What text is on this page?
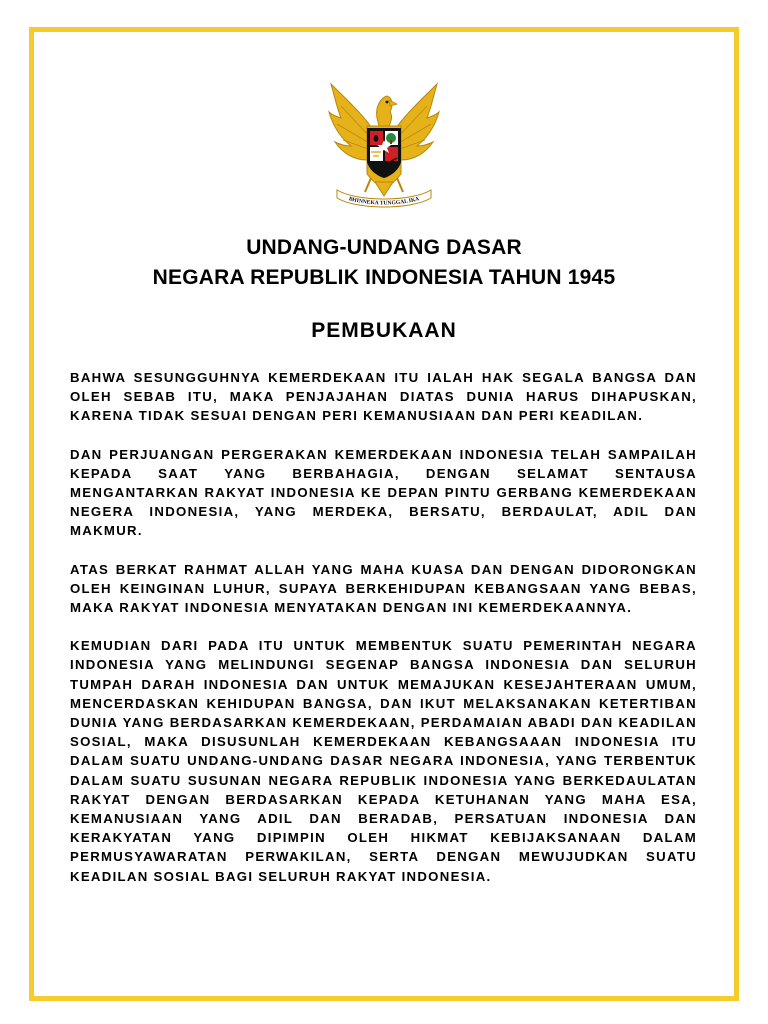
BHINNEKA TUNGGAL IKA
UNDANG-UNDANG DASAR
NEGARA REPUBLIK INDONESIA TAHUN 1945
PEMBUKAAN

BAHWA SESUNGGUHNYA KEMERDEKAAN ITU IALAH HAK SEGALA BANGSA DAN OLEH SEBAB ITU, MAKA PENJAJAHAN DIATAS DUNIA HARUS DIHAPUSKAN, KARENA TIDAK SESUAI DENGAN PERI KEMANUSIAAN DAN PERI KEADILAN.

DAN PERJUANGAN PERGERAKAN KEMERDEKAAN INDONESIA TELAH SAMPAILAH KEPADA SAAT YANG BERBAHAGIA, DENGAN SELAMAT SENTAUSA MENGANTARKAN RAKYAT INDONESIA KE DEPAN PINTU GERBANG KEMERDEKAAN NEGERA INDONESIA, YANG MERDEKA, BERSATU, BERDAULAT, ADIL DAN MAKMUR.

ATAS BERKAT RAHMAT ALLAH YANG MAHA KUASA DAN DENGAN DIDORONGKAN OLEH KEINGINAN LUHUR, SUPAYA BERKEHIDUPAN KEBANGSAAN YANG BEBAS, MAKA RAKYAT INDONESIA MENYATAKAN DENGAN INI KEMERDEKAANNYA.

KEMUDIAN DARI PADA ITU UNTUK MEMBENTUK SUATU PEMERINTAH NEGARA INDONESIA YANG MELINDUNGI SEGENAP BANGSA INDONESIA DAN SELURUH TUMPAH DARAH INDONESIA DAN UNTUK MEMAJUKAN KESEJAHTERAAN UMUM, MENCERDASKAN KEHIDUPAN BANGSA, DAN IKUT MELAKSANAKAN KETERTIBAN DUNIA YANG BERDASARKAN KEMERDEKAAN, PERDAMAIAN ABADI DAN KEADILAN SOSIAL, MAKA DISUSUNLAH KEMERDEKAAN KEBANGSAAAN INDONESIA ITU DALAM SUATU UNDANG-UNDANG DASAR NEGARA INDONESIA, YANG TERBENTUK DALAM SUATU SUSUNAN NEGARA REPUBLIK INDONESIA YANG BERKEDAULATAN RAKYAT DENGAN BERDASARKAN KEPADA KETUHANAN YANG MAHA ESA, KEMANUSIAAN YANG ADIL DAN BERADAB, PERSATUAN INDONESIA DAN KERAKYATAN YANG DIPIMPIN OLEH HIKMAT KEBIJAKSANAAN DALAM PERMUSYAWARATAN PERWAKILAN, SERTA DENGAN MEWUJUDKAN SUATU KEADILAN SOSIAL BAGI SELURUH RAKYAT INDONESIA.
